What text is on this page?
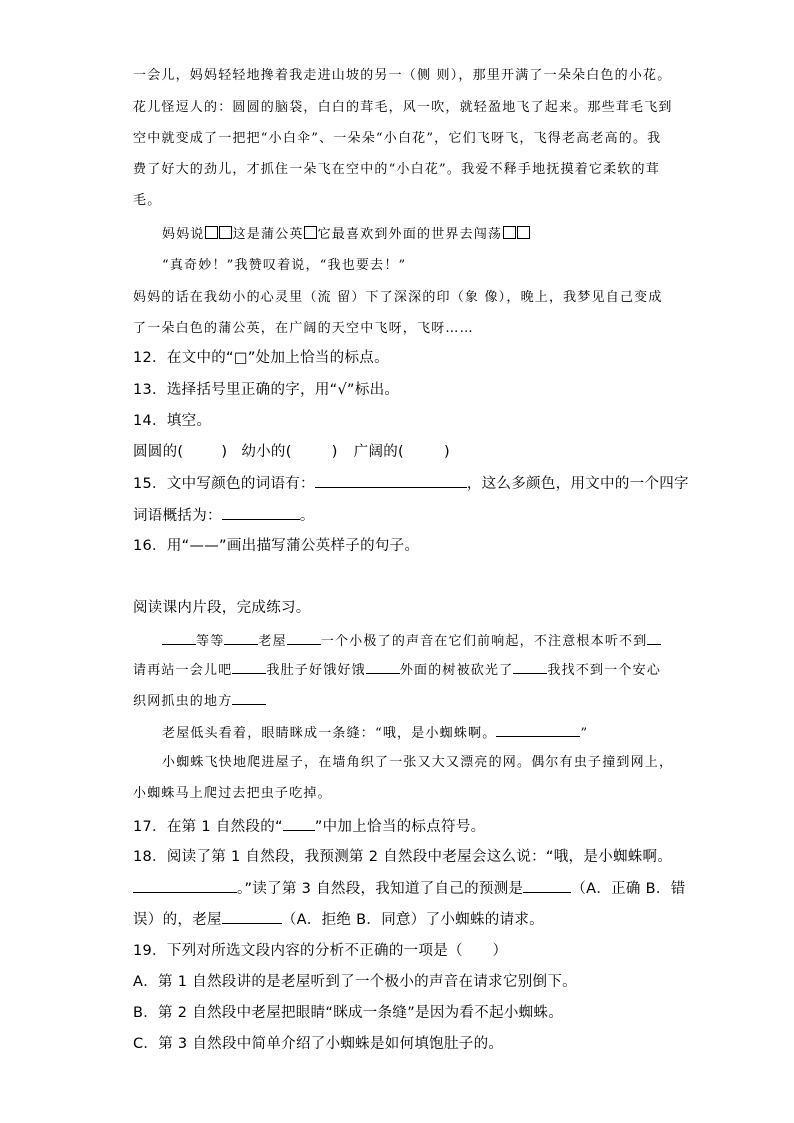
一会儿，妈妈轻轻地搀着我走进山坡的另一（侧 则），那里开满了一朵朵白色的小花。
花儿怪逗人的：圆圆的脑袋，白白的茸毛，风一吹，就轻盈地飞了起来。那些茸毛飞到
空中就变成了一把把“小白伞”、一朵朵“小白花”，它们飞呀飞，飞得老高老高的。我
费了好大的劲儿，才抓住一朵飞在空中的“小白花”。我爱不释手地抚摸着它柔软的茸
毛。
妈妈说 这是蒲公英 它最喜欢到外面的世界去闯荡
“真奇妙！”我赞叹着说，“我也要去！”
妈妈的话在我幼小的心灵里（流 留）下了深深的印（象 像），晚上，我梦见自己变成
了一朵白色的蒲公英，在广阔的天空中飞呀，飞呀……
12．在文中的“□”处加上恰当的标点。
13．选择括号里正确的字，用“√”标出。
14．填空。
圆圆的(	) 幼小的(	) 广阔的(	)
15．文中写颜色的词语有：	，这么多颜色，用文中的一个四字
词语概括为：	。
16．用“——”画出描写蒲公英样子的句子。
阅读课内片段，完成练习。
等等	老屋	一个小极了的声音在它们前响起，不注意根本听不到
请再站一会儿吧	我肚子好饿好饿	外面的树被砍光了	我找不到一个安心
织网抓虫的地方
老屋低头看着，眼睛眯成一条缝：“哦，是小蜘蛛啊。	”
小蜘蛛飞快地爬进屋子，在墙角织了一张又大又漂亮的网。偶尔有虫子撞到网上，
小蜘蛛马上爬过去把虫子吃掉。
17．在第 1 自然段的“ ”中加上恰当的标点符号。
18．阅读了第 1 自然段，我预测第 2 自然段中老屋会这么说：“哦，是小蜘蛛啊。
。”读了第 3 自然段，我知道了自己的预测是	（A．正确 B．错
误）的，老屋	（A．拒绝 B．同意）了小蜘蛛的请求。
19．下列对所选文段内容的分析不正确的一项是（　　）
A．第 1 自然段讲的是老屋听到了一个极小的声音在请求它别倒下。
B．第 2 自然段中老屋把眼睛“眯成一条缝”是因为看不起小蜘蛛。
C．第 3 自然段中简单介绍了小蜘蛛是如何填饱肚子的。
